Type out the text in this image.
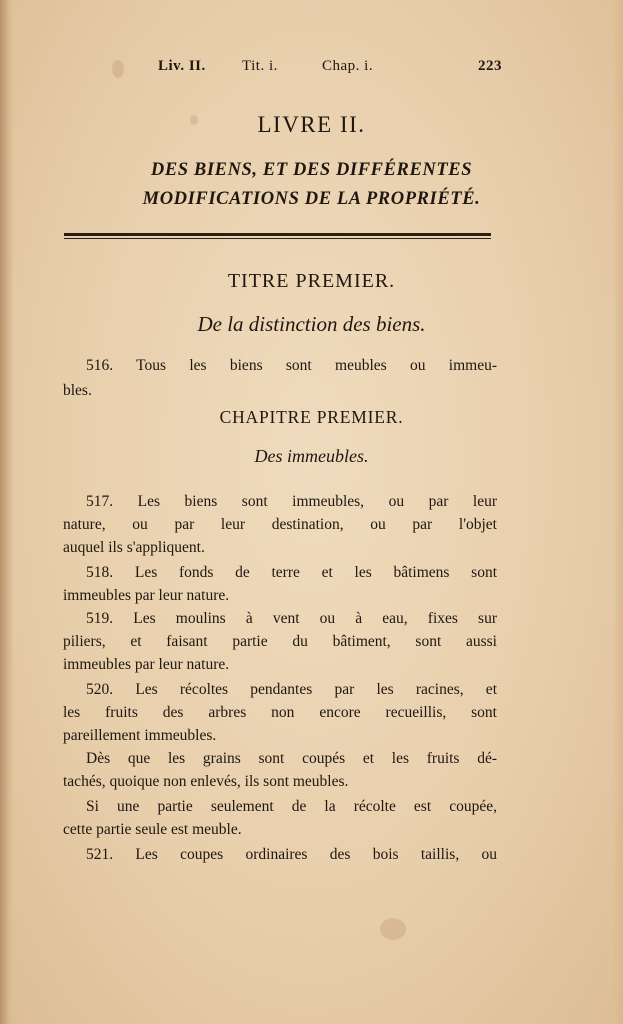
Liv. II. Tit. i.	Chap. i.	223
LIVRE II.
DES BIENS, ET DES DIFFÉRENTES
MODIFICATIONS DE LA PROPRIÉTÉ.
TITRE PREMIER.
De la distinction des biens.
516. Tous les biens sont meubles ou immeu-
bles.
CHAPITRE PREMIER.
Des immeubles.
517. Les biens sont immeubles, ou par leur
nature, ou par leur destination, ou par l'objet
auquel ils s'appliquent.
518. Les fonds de terre et les bâtimens sont
immeubles par leur nature.
519. Les moulins à vent ou à eau, fixes sur
piliers, et faisant partie du bâtiment, sont aussi
immeubles par leur nature.
520. Les récoltes pendantes par les racines, et
les fruits des arbres non encore recueillis, sont
pareillement immeubles.
Dès que les grains sont coupés et les fruits dé-
tachés, quoique non enlevés, ils sont meubles.
Si une partie seulement de la récolte est coupée,
cette partie seule est meuble.
521. Les coupes ordinaires des bois taillis, ou
